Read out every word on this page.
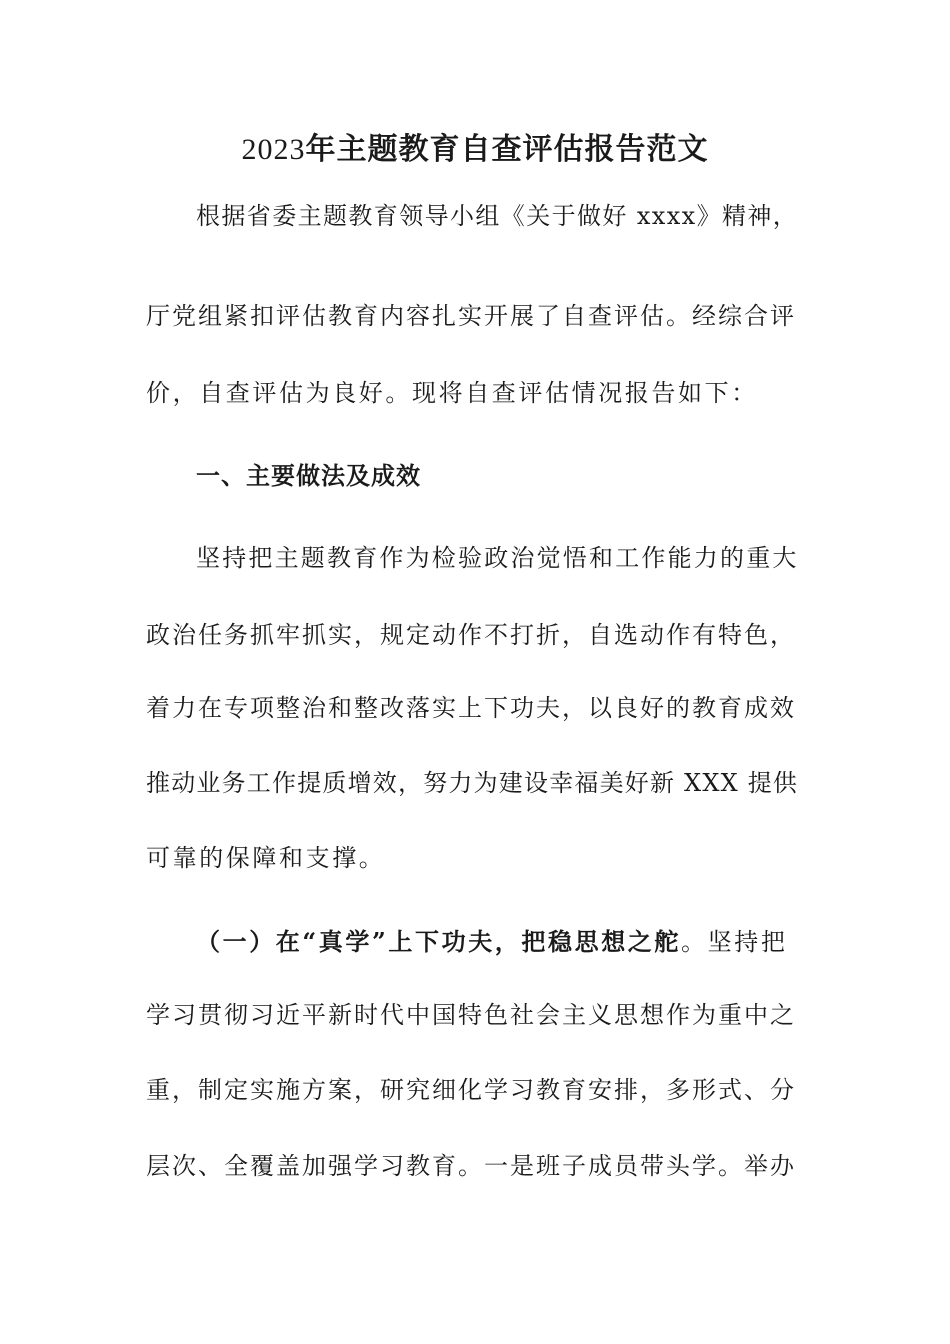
2023年主题教育自查评估报告范文
根据省委主题教育领导小组《关于做好 xxxx》精神，
厅党组紧扣评估教育内容扎实开展了自查评估。经综合评
价，自查评估为良好。现将自查评估情况报告如下：
一、主要做法及成效
坚持把主题教育作为检验政治觉悟和工作能力的重大
政治任务抓牢抓实，规定动作不打折，自选动作有特色，
着力在专项整治和整改落实上下功夫，以良好的教育成效
推动业务工作提质增效，努力为建设幸福美好新 XXX 提供
可靠的保障和支撑。
（一）在“真学”上下功夫，把稳思想之舵。坚持把
学习贯彻习近平新时代中国特色社会主义思想作为重中之
重，制定实施方案，研究细化学习教育安排，多形式、分
层次、全覆盖加强学习教育。一是班子成员带头学。举办
